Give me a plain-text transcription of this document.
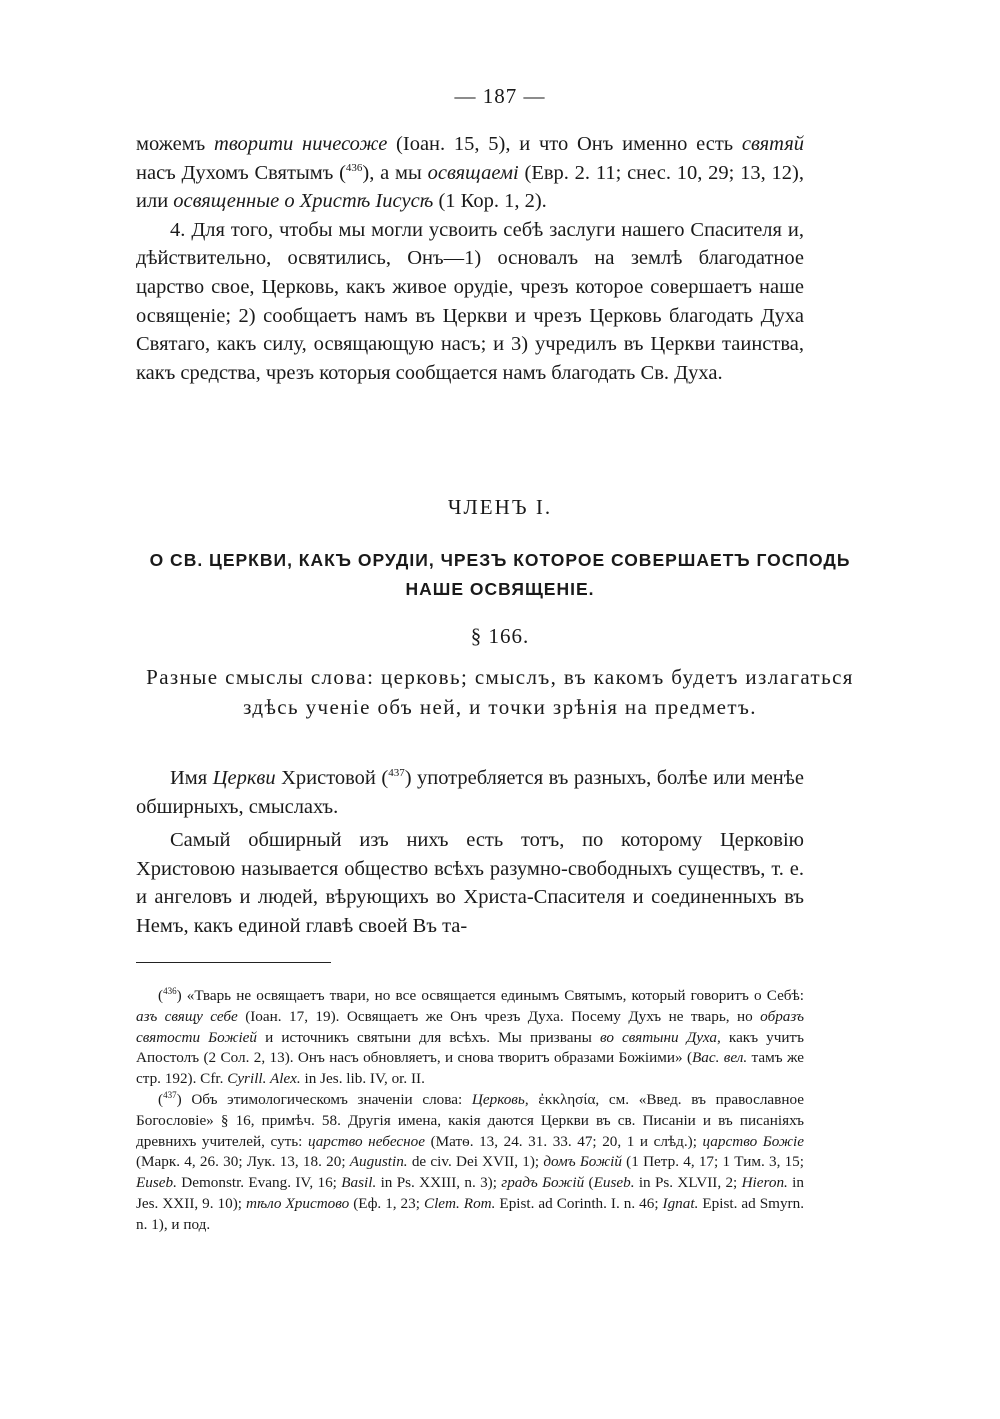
— 187 —

можемъ творити ничесоже (Іоан. 15, 5), и что Онъ именно есть святяй насъ Духомъ Святымъ ($^{436}$), а мы освящаемі (Евр. 2. 11; снес. 10, 29; 13, 12), или освященные о Христѣ Іисусѣ (1 Кор. 1, 2).

4. Для того, чтобы мы могли усвоить себѣ заслуги нашего Спасителя и, дѣйствительно, освятились, Онъ—1) основалъ на землѣ благодатное царство свое, Церковь, какъ живое орудіе, чрезъ которое совершаетъ наше освященіе; 2) сообщаетъ намъ въ Церкви и чрезъ Церковь благодать Духа Святаго, какъ силу, освящающую насъ; и 3) учредилъ въ Церкви таинства, какъ средства, чрезъ которыя сообщается намъ благодать Св. Духа.

ЧЛЕНЪ I.
О СВ. ЦЕРКВИ, КАКЪ ОРУДІИ, ЧРЕЗЪ КОТОРОЕ СОВЕРШАЕТЪ ГОСПОДЬ НАШЕ ОСВЯЩЕНІЕ.
§ 166.
Разные смыслы слова: церковь; смыслъ, въ какомъ будетъ излагаться здѣсь ученіе объ ней, и точки зрѣнія на предметъ.

Имя Церкви Христовой ($^{437}$) употребляется въ разныхъ, болѣе или менѣе обширныхъ, смыслахъ.

Самый обширный изъ нихъ есть тотъ, по которому Церковію Христовою называется общество всѣхъ разумно-свободныхъ существъ, т. е. и ангеловъ и людей, вѣрующихъ во Христа-Спасителя и соединенныхъ въ Немъ, какъ единой главѣ своей Въ та-

($^{436}$) «Тварь не освящаетъ твари, но все освящается единымъ Святымъ, который говоритъ о Себѣ: азъ свящу себе (Іоан. 17, 19). Освящаетъ же Онъ чрезъ Духа. Посему Духъ не тварь, но образъ святости Божіей и источникъ святыни для всѣхъ. Мы призваны во святыни Духа, какъ учитъ Апостолъ (2 Сол. 2, 13). Онъ насъ обновляетъ, и снова творитъ образами Божіими» (Вас. вел. тамъ же стр. 192). Cfr. Cyrill. Alex. in Jes. lib. IV, or. II.

($^{437}$) Объ этимологическомъ значеніи слова: Церковь, ἐκκλησία, см. «Введ. въ православное Богословіе» § 16, примѣч. 58. Другія имена, какія даются Церкви въ св. Писаніи и въ писаніяхъ древнихъ учителей, суть: царство небесное (Матѳ. 13, 24. 31. 33. 47; 20, 1 и слѣд.); царство Божіе (Марк. 4, 26. 30; Лук. 13, 18. 20; Augustin. de civ. Dei XVII, 1); домъ Божій (1 Петр. 4, 17; 1 Тим. 3, 15; Euseb. Demonstr. Evang. IV, 16; Basil. in Ps. XXIII, n. 3); градъ Божій (Euseb. in Ps. XLVII, 2; Hieron. in Jes. XXII, 9. 10); тѣло Христово (Еф. 1, 23; Clem. Rom. Epist. ad Corinth. I. n. 46; Ignat. Epist. ad Smyrn. n. 1), и под.
